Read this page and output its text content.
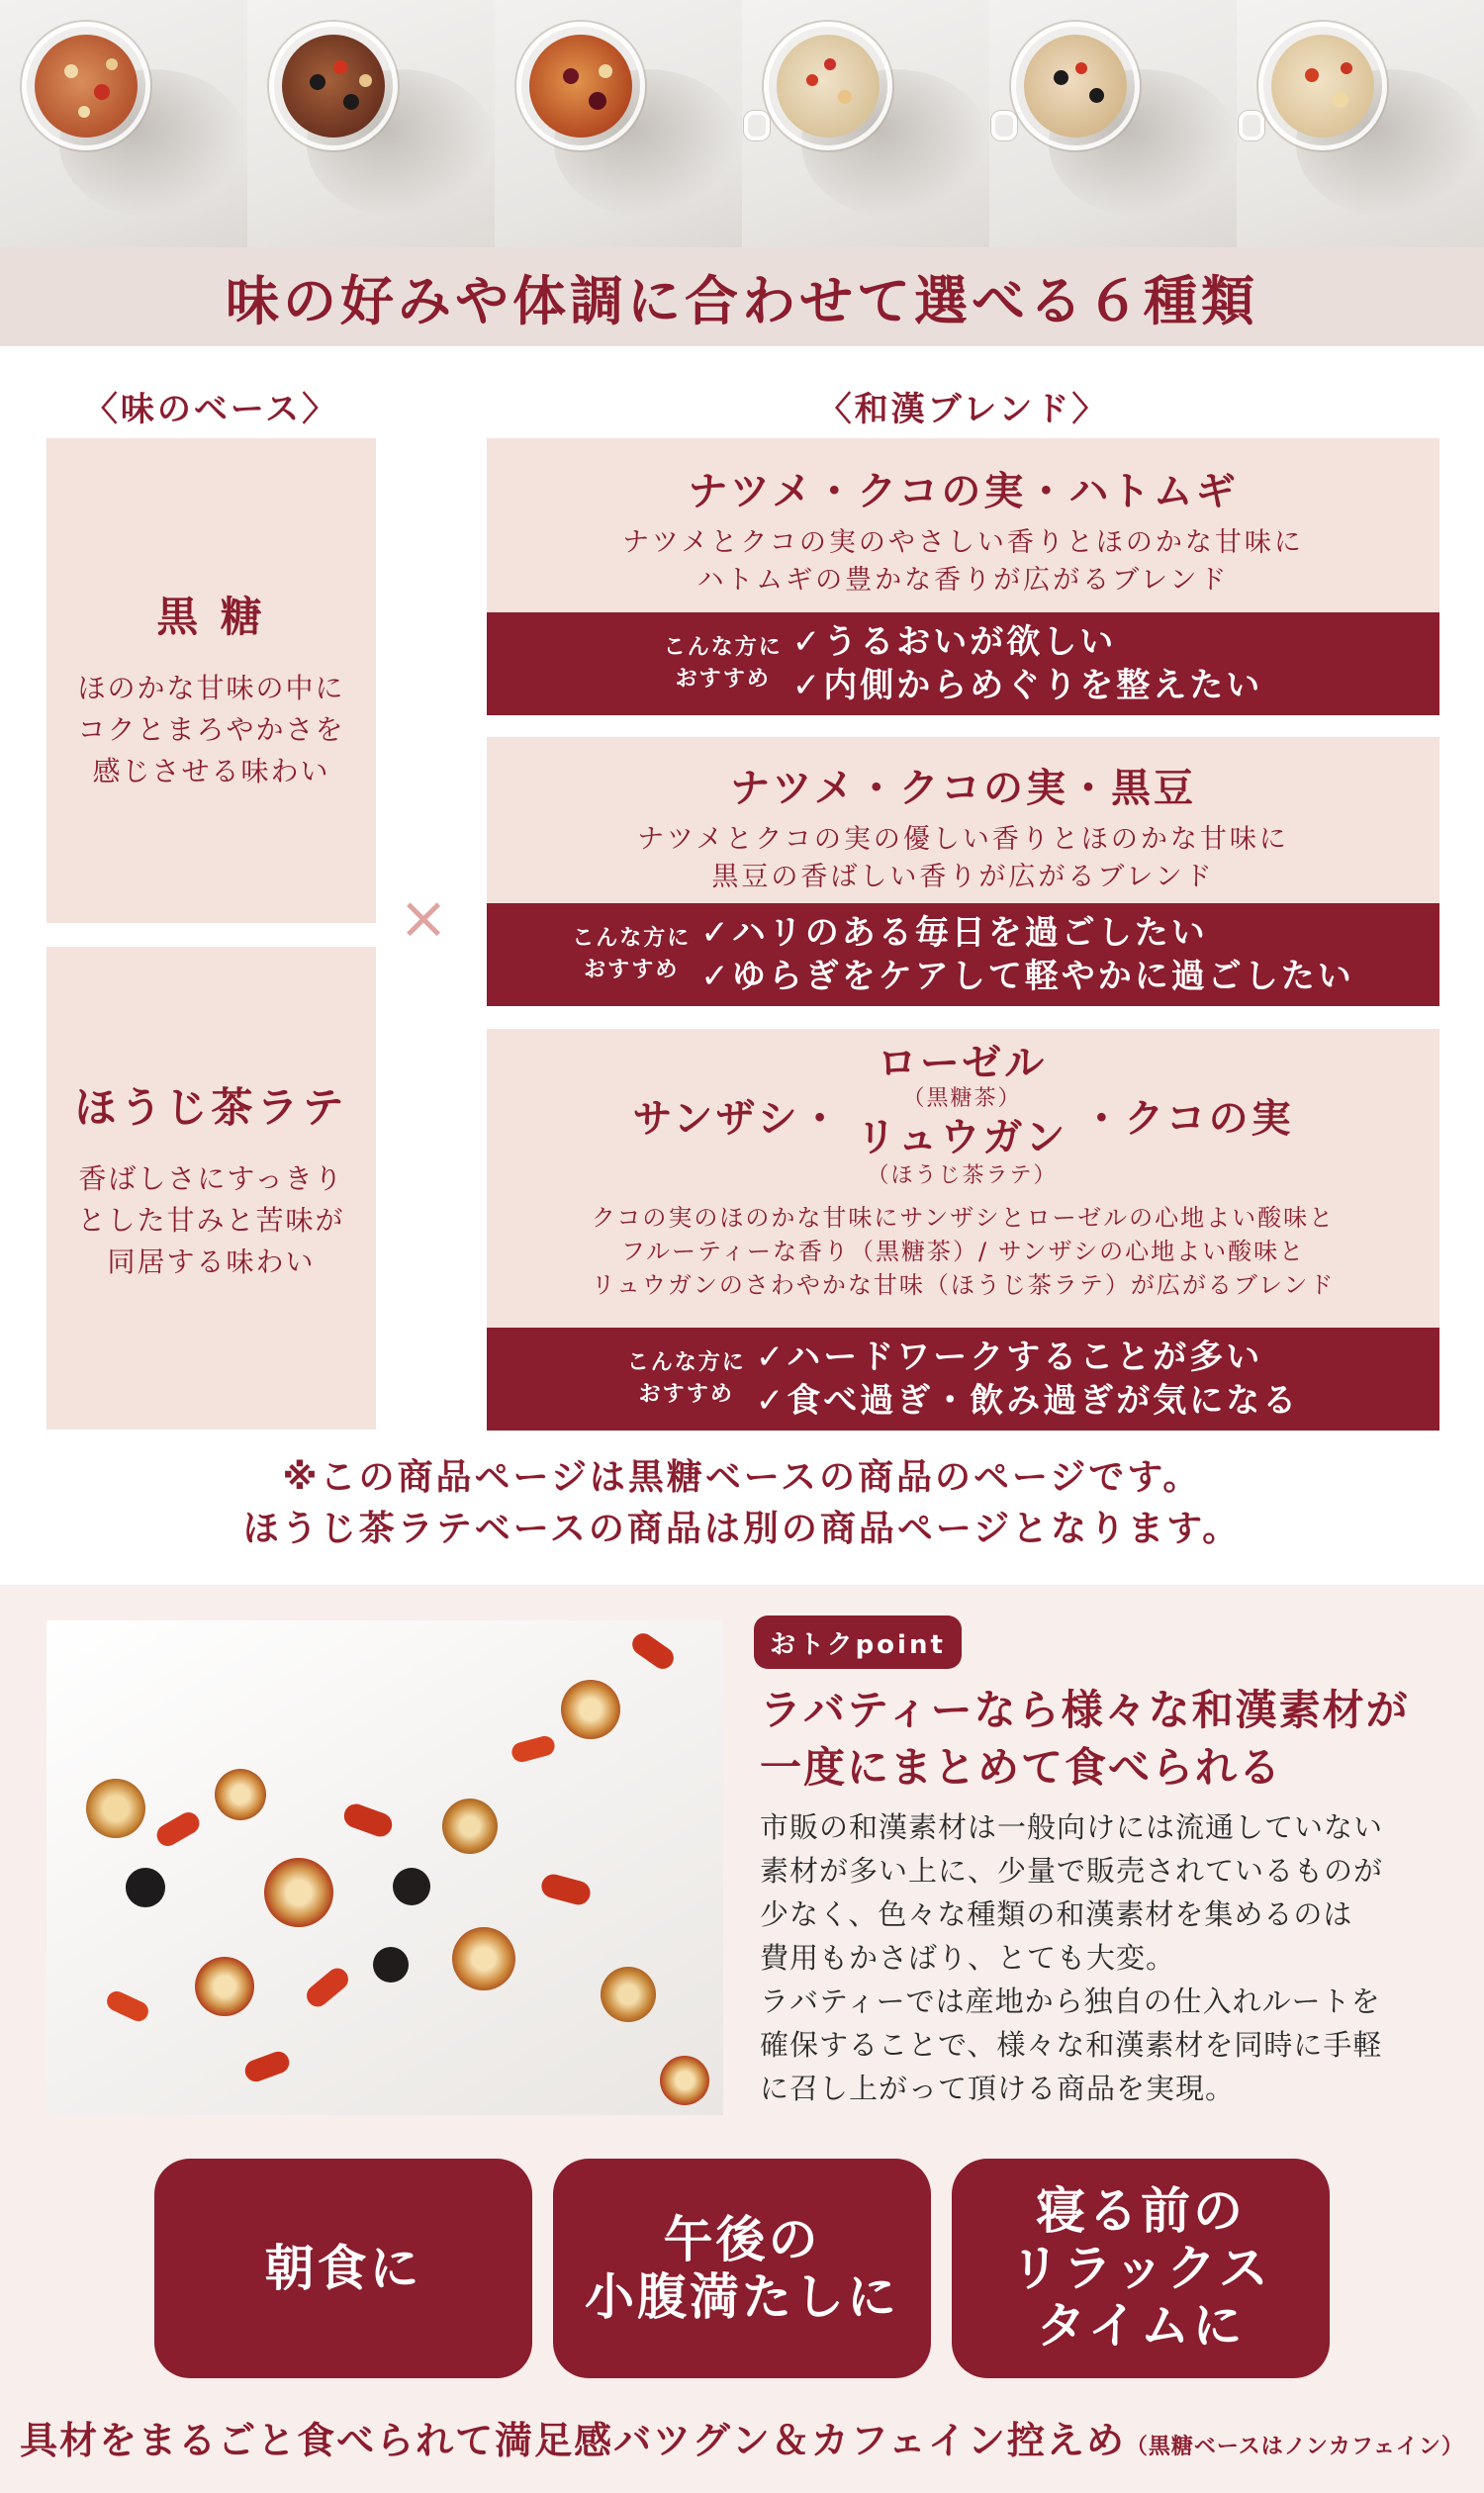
味の好みや体調に合わせて選べる６種類
〈味のベース〉	〈和漢ブレンド〉
黒 糖
ほのかな甘味の中に
コクとまろやかさを
感じさせる味わい
ほうじ茶ラテ
香ばしさにすっきり
とした甘みと苦味が
同居する味わい
×
ナツメ・クコの実・ハトムギ
ナツメとクコの実のやさしい香りとほのかな甘味に
ハトムギの豊かな香りが広がるブレンド
こんな方に
おすすめ
✓うるおいが欲しい
✓内側からめぐりを整えたい
ナツメ・クコの実・黒豆
ナツメとクコの実の優しい香りとほのかな甘味に
黒豆の香ばしい香りが広がるブレンド
こんな方に
おすすめ
✓ハリのある毎日を過ごしたい
✓ゆらぎをケアして軽やかに過ごしたい
サンザシ・
ローゼル
（黒糖茶）
リュウガン
（ほうじ茶ラテ）
・クコの実
クコの実のほのかな甘味にサンザシとローゼルの心地よい酸味と
フルーティーな香り（黒糖茶）/ サンザシの心地よい酸味と
リュウガンのさわやかな甘味（ほうじ茶ラテ）が広がるブレンド
こんな方に
おすすめ
✓ハードワークすることが多い
✓食べ過ぎ・飲み過ぎが気になる
※この商品ページは黒糖ベースの商品のページです。
ほうじ茶ラテベースの商品は別の商品ページとなります。
おトクpoint
ラバティーなら様々な和漢素材が
一度にまとめて食べられる
市販の和漢素材は一般向けには流通していない
素材が多い上に、少量で販売されているものが
少なく、色々な種類の和漢素材を集めるのは
費用もかさばり、とても大変。
ラバティーでは産地から独自の仕入れルートを
確保することで、様々な和漢素材を同時に手軽
に召し上がって頂ける商品を実現。
朝食に	午後の
小腹満たしに
寝る前の
リラックス
タイムに
具材をまるごと食べられて満足感バツグン＆カフェイン控えめ（黒糖ベースはノンカフェイン）
